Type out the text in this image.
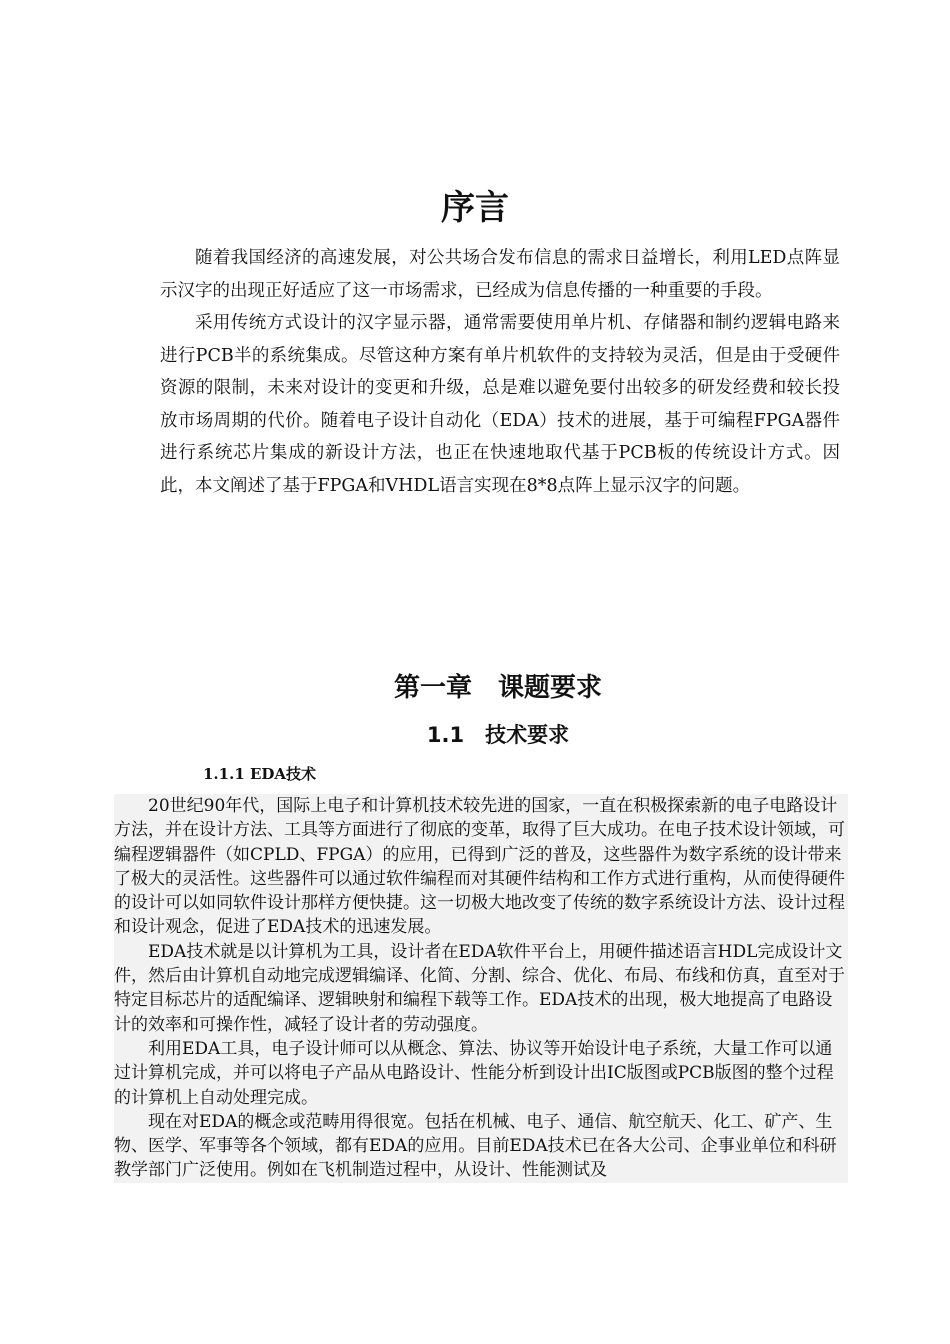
序言

随着我国经济的高速发展，对公共场合发布信息的需求日益增长，利用LED点阵显示汉字的出现正好适应了这一市场需求，已经成为信息传播的一种重要的手段。

采用传统方式设计的汉字显示器，通常需要使用单片机、存储器和制约逻辑电路来进行PCB半的系统集成。尽管这种方案有单片机软件的支持较为灵活，但是由于受硬件资源的限制，未来对设计的变更和升级，总是难以避免要付出较多的研发经费和较长投放市场周期的代价。随着电子设计自动化（EDA）技术的进展，基于可编程FPGA器件进行系统芯片集成的新设计方法，也正在快速地取代基于PCB板的传统设计方式。因此，本文阐述了基于FPGA和VHDL语言实现在8*8点阵上显示汉字的问题。

第一章　课题要求
1.1　技术要求
1.1.1 EDA技术

20世纪90年代，国际上电子和计算机技术较先进的国家，一直在积极探索新的电子电路设计方法，并在设计方法、工具等方面进行了彻底的变革，取得了巨大成功。在电子技术设计领域，可编程逻辑器件（如CPLD、FPGA）的应用，已得到广泛的普及，这些器件为数字系统的设计带来了极大的灵活性。这些器件可以通过软件编程而对其硬件结构和工作方式进行重构，从而使得硬件的设计可以如同软件设计那样方便快捷。这一切极大地改变了传统的数字系统设计方法、设计过程和设计观念，促进了EDA技术的迅速发展。

EDA技术就是以计算机为工具，设计者在EDA软件平台上，用硬件描述语言HDL完成设计文件，然后由计算机自动地完成逻辑编译、化简、分割、综合、优化、布局、布线和仿真，直至对于特定目标芯片的适配编译、逻辑映射和编程下载等工作。EDA技术的出现，极大地提高了电路设计的效率和可操作性，减轻了设计者的劳动强度。

利用EDA工具，电子设计师可以从概念、算法、协议等开始设计电子系统，大量工作可以通过计算机完成，并可以将电子产品从电路设计、性能分析到设计出IC版图或PCB版图的整个过程的计算机上自动处理完成。

现在对EDA的概念或范畴用得很宽。包括在机械、电子、通信、航空航天、化工、矿产、生物、医学、军事等各个领域，都有EDA的应用。目前EDA技术已在各大公司、企事业单位和科研教学部门广泛使用。例如在飞机制造过程中，从设计、性能测试及
